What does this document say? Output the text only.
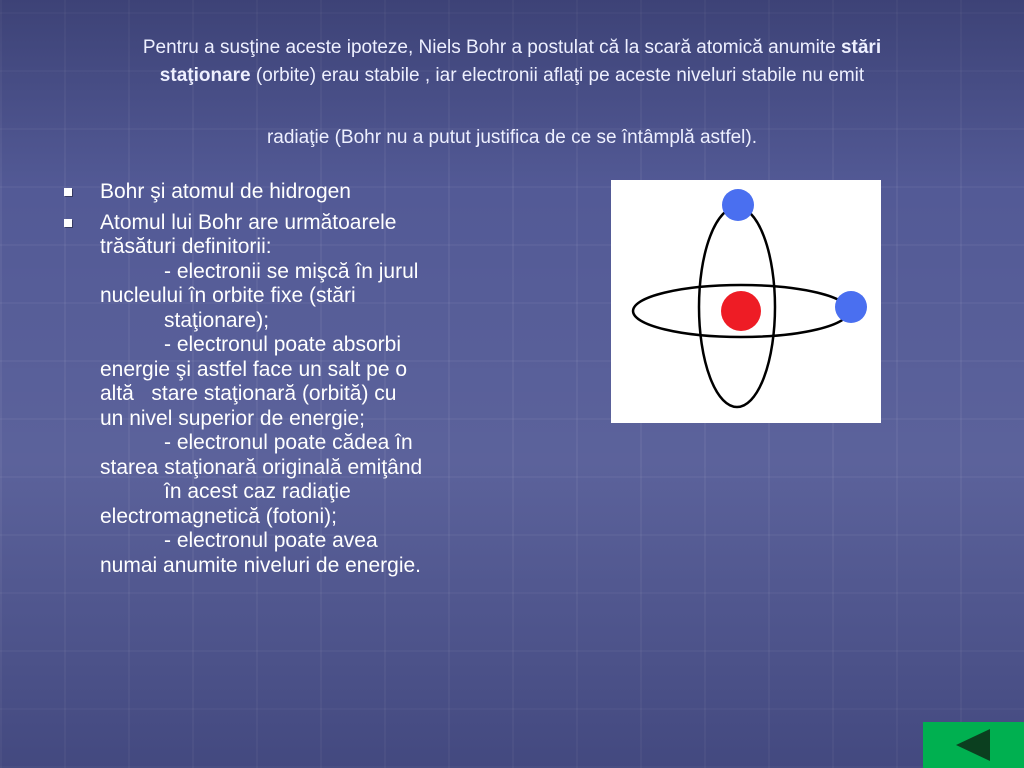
Pentru a susţine aceste ipoteze, Niels Bohr a postulat că la scară atomică anumite stări
staţionare (orbite) erau stabile , iar electronii aflaţi pe aceste niveluri stabile nu emit
radiaţie (Bohr nu a putut justifica de ce se întâmplă astfel).
Bohr şi atomul de hidrogen
Atomul lui Bohr are următoarele
trăsături definitorii:
- electronii se mişcă în jurul
nucleului în orbite fixe (stări
staţionare);
- electronul poate absorbi
energie şi astfel face un salt pe o
altă   stare staţionară (orbită) cu
un nivel superior de energie;
- electronul poate cădea în
starea staţionară originală emiţând
în acest caz radiaţie
electromagnetică (fotoni);
- electronul poate avea
numai anumite niveluri de energie.
